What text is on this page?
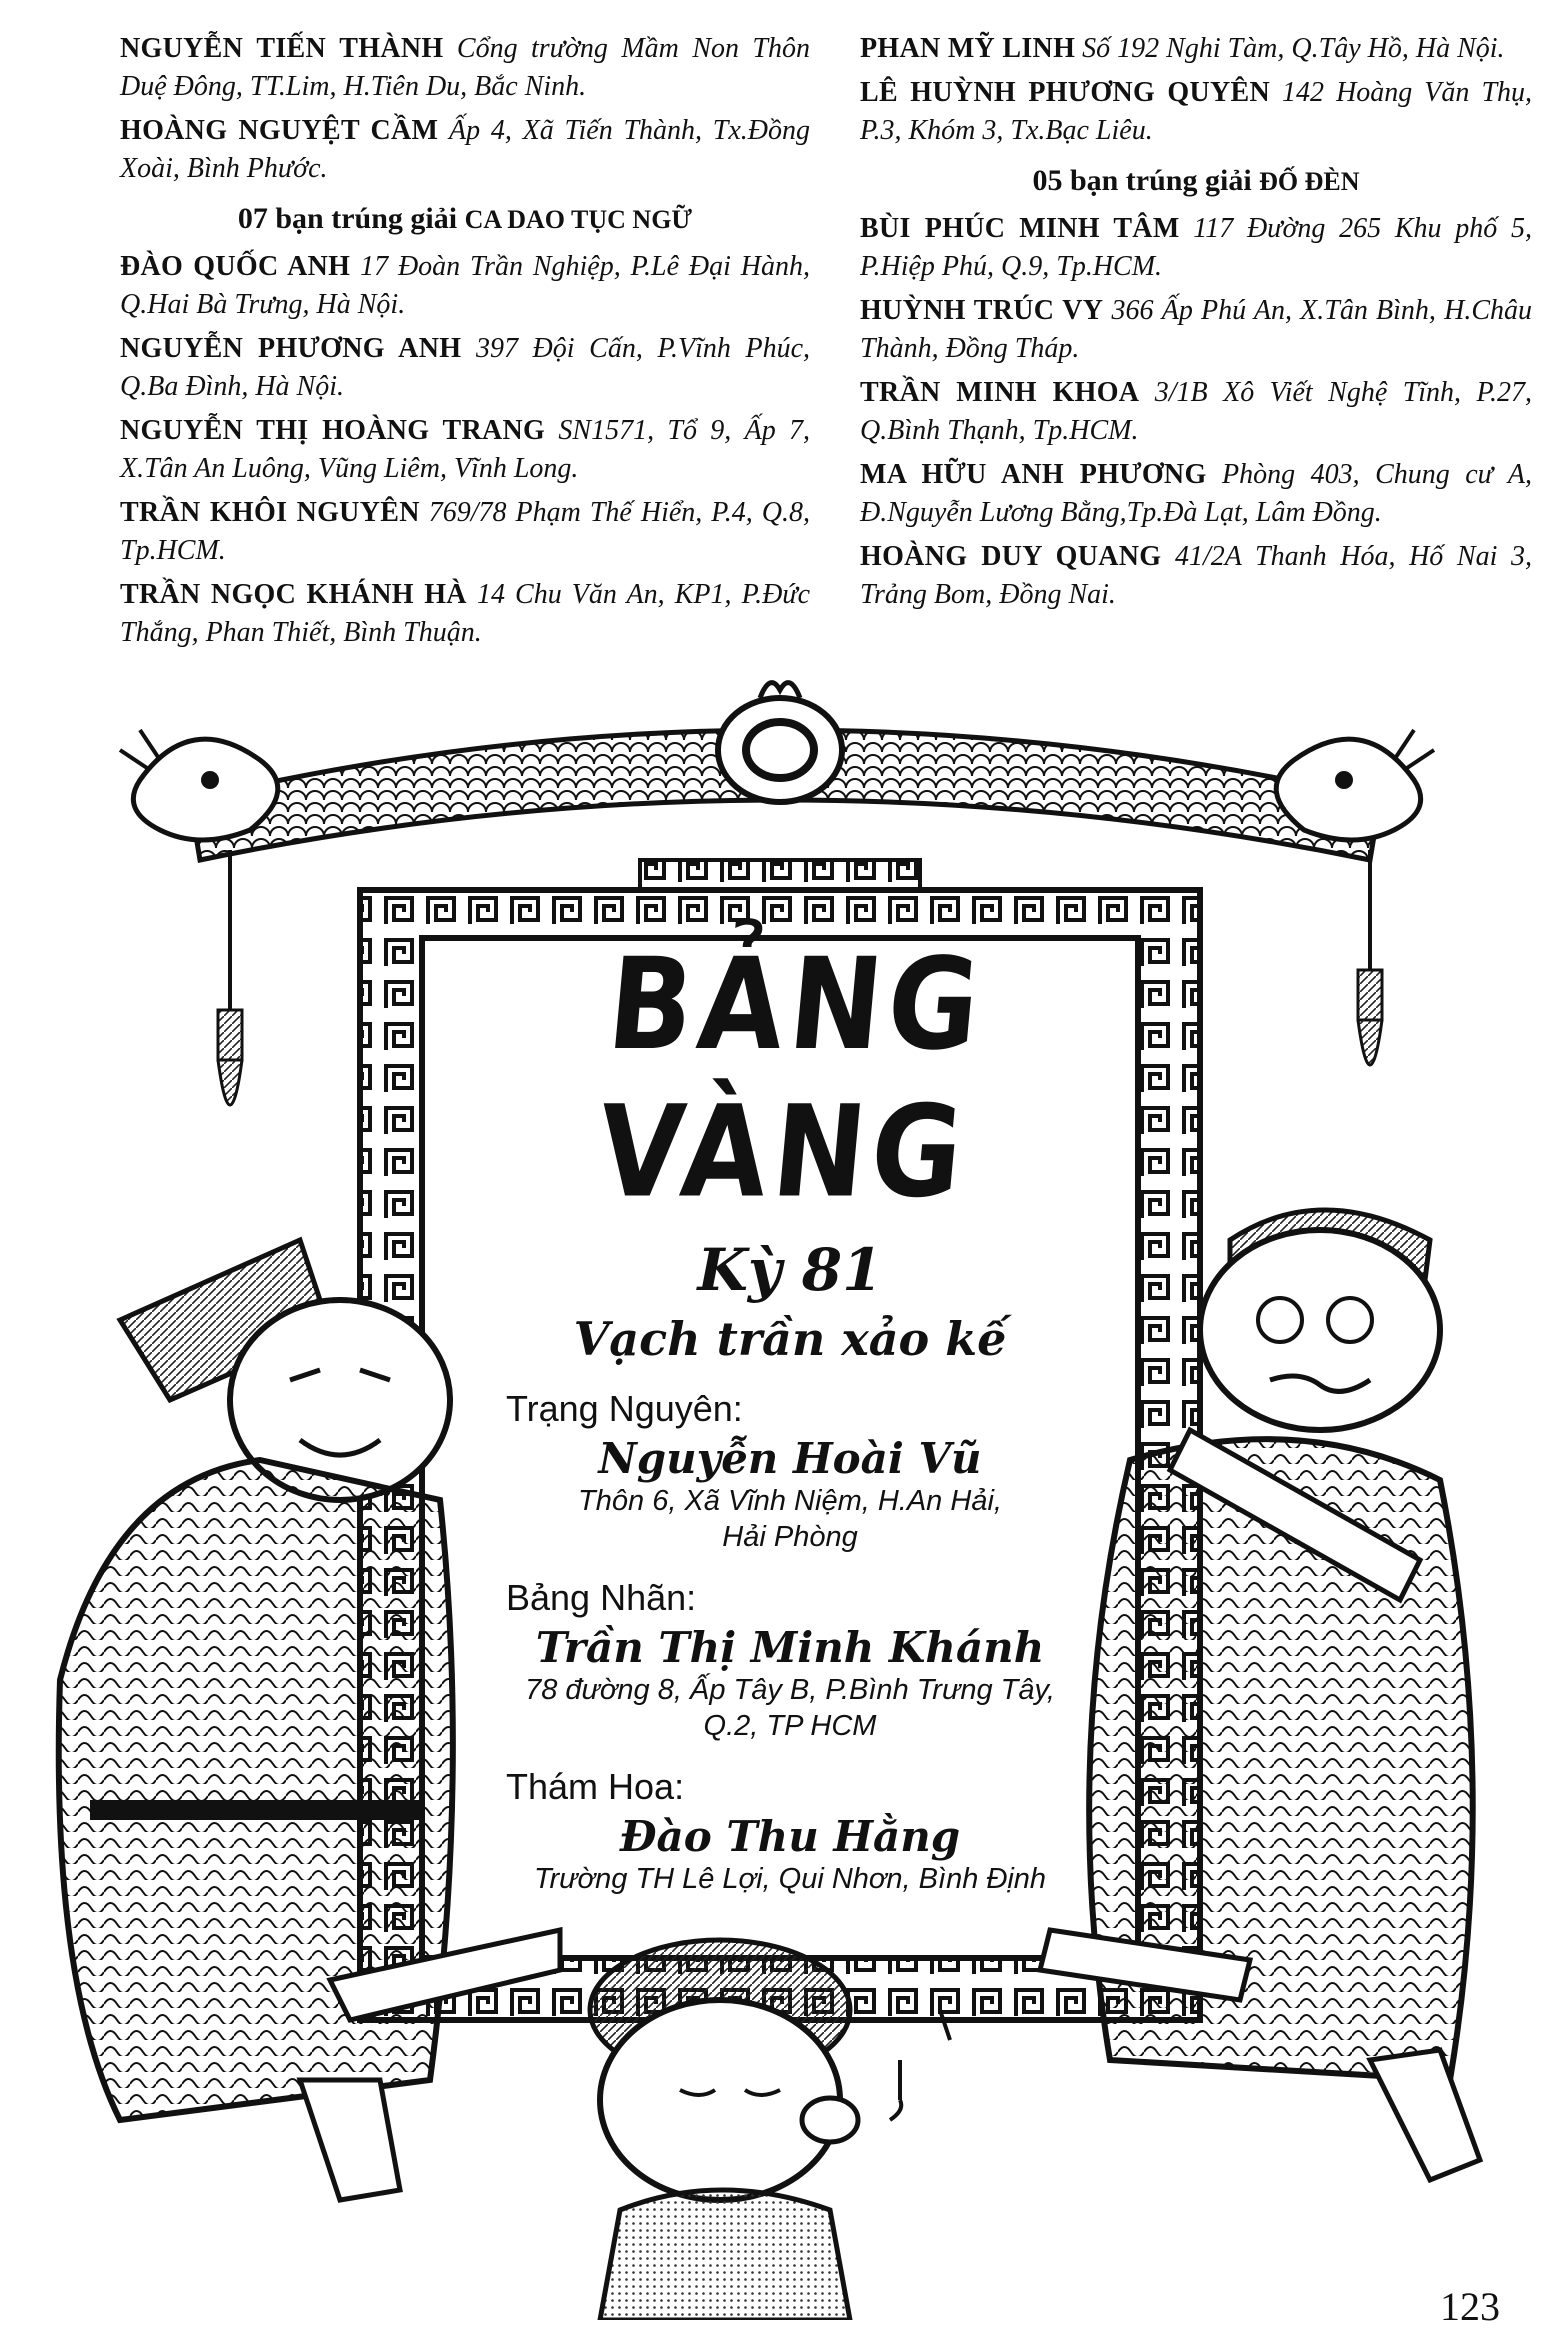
NGUYỄN TIẾN THÀNH Cổng trường Mầm Non Thôn Duệ Đông, TT.Lim, H.Tiên Du, Bắc Ninh.

HOÀNG NGUYỆT CẦM Ấp 4, Xã Tiến Thành, Tx.Đồng Xoài, Bình Phước.

07 bạn trúng giải CA DAO TỤC NGỮ

ĐÀO QUỐC ANH 17 Đoàn Trần Nghiệp, P.Lê Đại Hành, Q.Hai Bà Trưng, Hà Nội.

NGUYỄN PHƯƠNG ANH 397 Đội Cấn, P.Vĩnh Phúc, Q.Ba Đình, Hà Nội.

NGUYỄN THỊ HOÀNG TRANG SN1571, Tổ 9, Ấp 7, X.Tân An Luông, Vũng Liêm, Vĩnh Long.

TRẦN KHÔI NGUYÊN 769/78 Phạm Thế Hiển, P.4, Q.8, Tp.HCM.

TRẦN NGỌC KHÁNH HÀ 14 Chu Văn An, KP1, P.Đức Thắng, Phan Thiết, Bình Thuận.

PHAN MỸ LINH Số 192 Nghi Tàm, Q.Tây Hồ, Hà Nội.

LÊ HUỲNH PHƯƠNG QUYÊN 142 Hoàng Văn Thụ, P.3, Khóm 3, Tx.Bạc Liêu.

05 bạn trúng giải ĐỐ ĐÈN

BÙI PHÚC MINH TÂM 117 Đường 265 Khu phố 5, P.Hiệp Phú, Q.9, Tp.HCM.

HUỲNH TRÚC VY 366 Ấp Phú An, X.Tân Bình, H.Châu Thành, Đồng Tháp.

TRẦN MINH KHOA 3/1B Xô Viết Nghệ Tĩnh, P.27, Q.Bình Thạnh, Tp.HCM.

MA HỮU ANH PHƯƠNG Phòng 403, Chung cư A, Đ.Nguyễn Lương Bằng,Tp.Đà Lạt, Lâm Đồng.

HOÀNG DUY QUANG 41/2A Thanh Hóa, Hố Nai 3, Trảng Bom, Đồng Nai.

BẢNG VÀNG
Kỳ 81
Vạch trần xảo kế
Trạng Nguyên:
Nguyễn Hoài Vũ
Thôn 6, Xã Vĩnh Niệm, H.An Hải,
Hải Phòng
Bảng Nhãn:
Trần Thị Minh Khánh
78 đường 8, Ấp Tây B, P.Bình Trưng Tây,
Q.2, TP HCM
Thám Hoa:
Đào Thu Hằng
Trường TH Lê Lợi, Qui Nhơn, Bình Định
123
